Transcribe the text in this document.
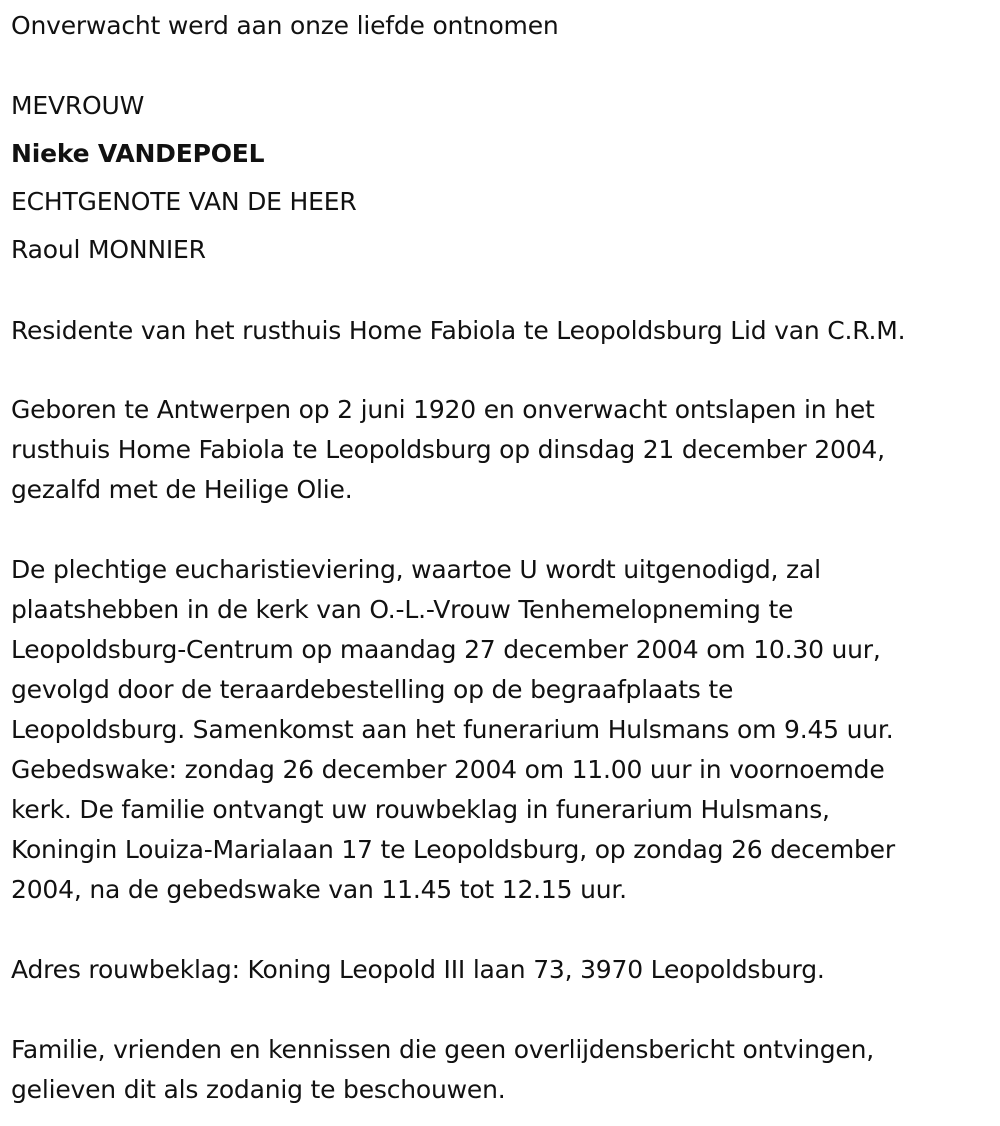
Onverwacht werd aan onze liefde ontnomen
MEVROUW
Nieke VANDEPOEL
ECHTGENOTE VAN DE HEER
Raoul MONNIER
Residente van het rusthuis Home Fabiola te Leopoldsburg Lid van C.R.M.
Geboren te Antwerpen op 2 juni 1920 en onverwacht ontslapen in het
rusthuis Home Fabiola te Leopoldsburg op dinsdag 21 december 2004,
gezalfd met de Heilige Olie.
De plechtige eucharistieviering, waartoe U wordt uitgenodigd, zal
plaatshebben in de kerk van O.-L.-Vrouw Tenhemelopneming te
Leopoldsburg-Centrum op maandag 27 december 2004 om 10.30 uur,
gevolgd door de teraardebestelling op de begraafplaats te
Leopoldsburg. Samenkomst aan het funerarium Hulsmans om 9.45 uur.
Gebedswake: zondag 26 december 2004 om 11.00 uur in voornoemde
kerk. De familie ontvangt uw rouwbeklag in funerarium Hulsmans,
Koningin Louiza-Marialaan 17 te Leopoldsburg, op zondag 26 december
2004, na de gebedswake van 11.45 tot 12.15 uur.
Adres rouwbeklag: Koning Leopold III laan 73, 3970 Leopoldsburg.
Familie, vrienden en kennissen die geen overlijdensbericht ontvingen,
gelieven dit als zodanig te beschouwen.
